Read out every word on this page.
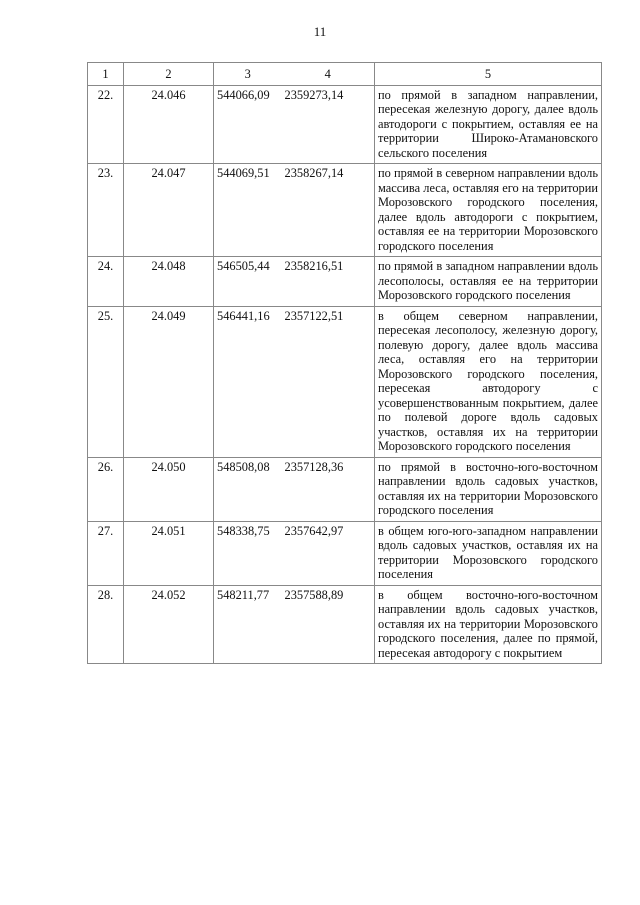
11
1	2	3	4	5
22.	24.046	544066,09	2359273,14	по прямой в западном направлении, пересекая железную дорогу, далее вдоль автодороги с покрытием, оставляя ее на территории Широко-Атамановского сельского поселения
23.	24.047	544069,51	2358267,14	по прямой в северном направлении вдоль массива леса, оставляя его на территории Морозовского городского поселения, далее вдоль автодороги с покрытием, оставляя ее на территории Морозовского городского поселения
24.	24.048	546505,44	2358216,51	по прямой в западном направлении вдоль лесополосы, оставляя ее на территории Морозовского городского поселения
25.	24.049	546441,16	2357122,51	в общем северном направлении, пересекая лесополосу, железную дорогу, полевую дорогу, далее вдоль массива леса, оставляя его на территории Морозовского городского поселения, пересекая автодорогу с усовершенствованным покрытием, далее по полевой дороге вдоль садовых участков, оставляя их на территории Морозовского городского поселения
26.	24.050	548508,08	2357128,36	по прямой в восточно-юго-восточном направлении вдоль садовых участков, оставляя их на территории Морозовского городского поселения
27.	24.051	548338,75	2357642,97	в общем юго-юго-западном направлении вдоль садовых участков, оставляя их на территории Морозовского городского поселения
28.	24.052	548211,77	2357588,89	в общем восточно-юго-восточном направлении вдоль садовых участков, оставляя их на территории Морозовского городского поселения, далее по прямой, пересекая автодорогу с покрытием
